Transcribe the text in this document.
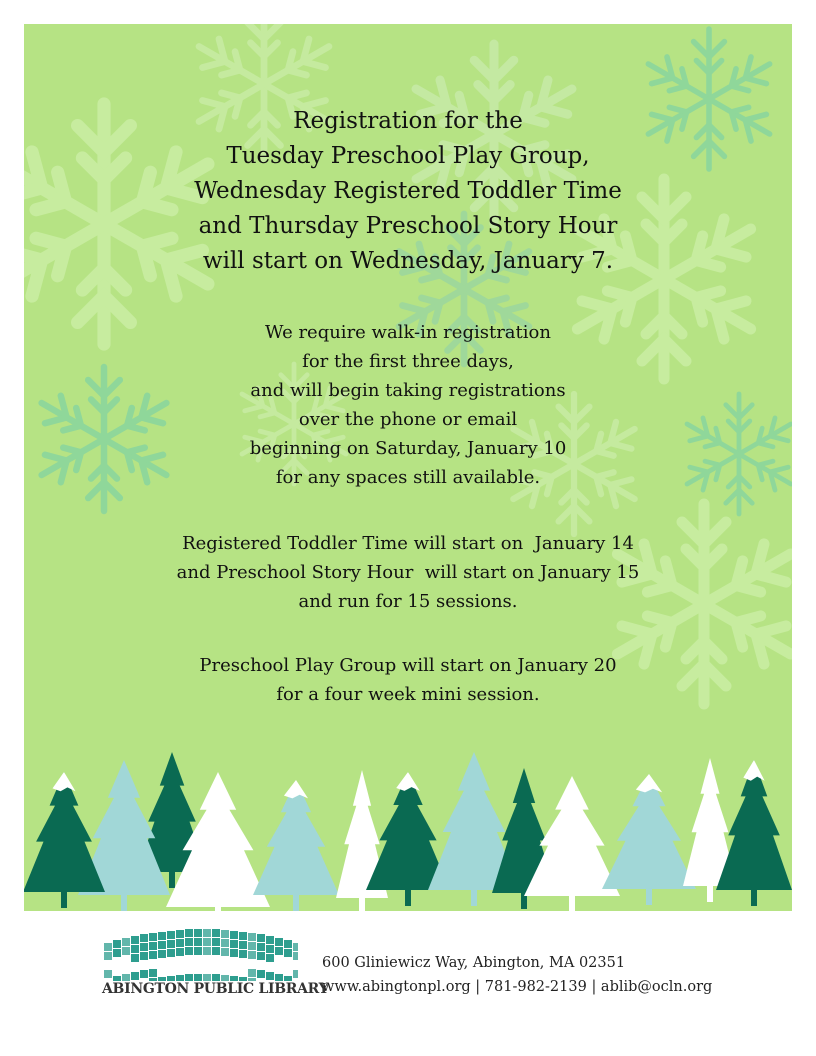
Registration for the
Tuesday Preschool Play Group,
Wednesday Registered Toddler Time
and Thursday Preschool Story Hour
will start on Wednesday, January 7.
We require walk-in registration
for the first three days,
and will begin taking registrations
over the phone or email
beginning on Saturday, January 10
for any spaces still available.
Registered Toddler Time will start on  January 14
and Preschool Story Hour  will start on January 15
and run for 15 sessions.
Preschool Play Group will start on January 20
for a four week mini session.
ABINGTON PUBLIC LIBRARY
600 Gliniewicz Way, Abington, MA 02351
www.abingtonpl.org | 781-982-2139 | ablib@ocln.org
